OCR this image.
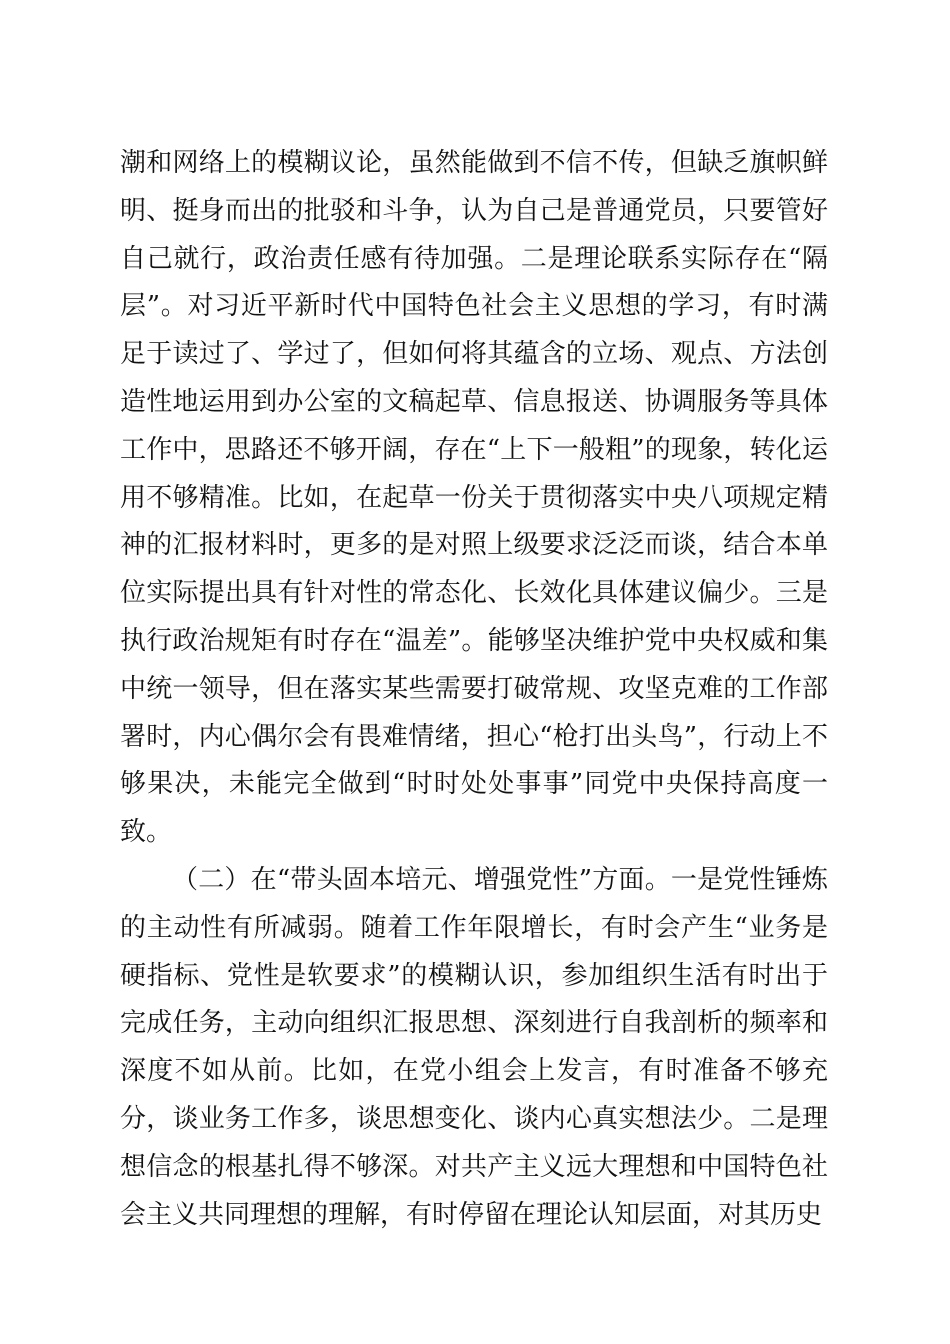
潮和网络上的模糊议论，虽然能做到不信不传，但缺乏旗帜鲜明、挺身而出的批驳和斗争，认为自己是普通党员，只要管好自己就行，政治责任感有待加强。二是理论联系实际存在“隔层”。对习近平新时代中国特色社会主义思想的学习，有时满足于读过了、学过了，但如何将其蕴含的立场、观点、方法创造性地运用到办公室的文稿起草、信息报送、协调服务等具体工作中，思路还不够开阔，存在“上下一般粗”的现象，转化运用不够精准。比如，在起草一份关于贯彻落实中央八项规定精神的汇报材料时，更多的是对照上级要求泛泛而谈，结合本单位实际提出具有针对性的常态化、长效化具体建议偏少。三是执行政治规矩有时存在“温差”。能够坚决维护党中央权威和集中统一领导，但在落实某些需要打破常规、攻坚克难的工作部署时，内心偶尔会有畏难情绪，担心“枪打出头鸟”，行动上不够果决，未能完全做到“时时处处事事”同党中央保持高度一致。

（二）在“带头固本培元、增强党性”方面。一是党性锤炼的主动性有所减弱。随着工作年限增长，有时会产生“业务是硬指标、党性是软要求”的模糊认识，参加组织生活有时出于完成任务，主动向组织汇报思想、深刻进行自我剖析的频率和深度不如从前。比如，在党小组会上发言，有时准备不够充分，谈业务工作多，谈思想变化、谈内心真实想法少。二是理想信念的根基扎得不够深。对共产主义远大理想和中国特色社会主义共同理想的理解，有时停留在理论认知层面，对其历史
